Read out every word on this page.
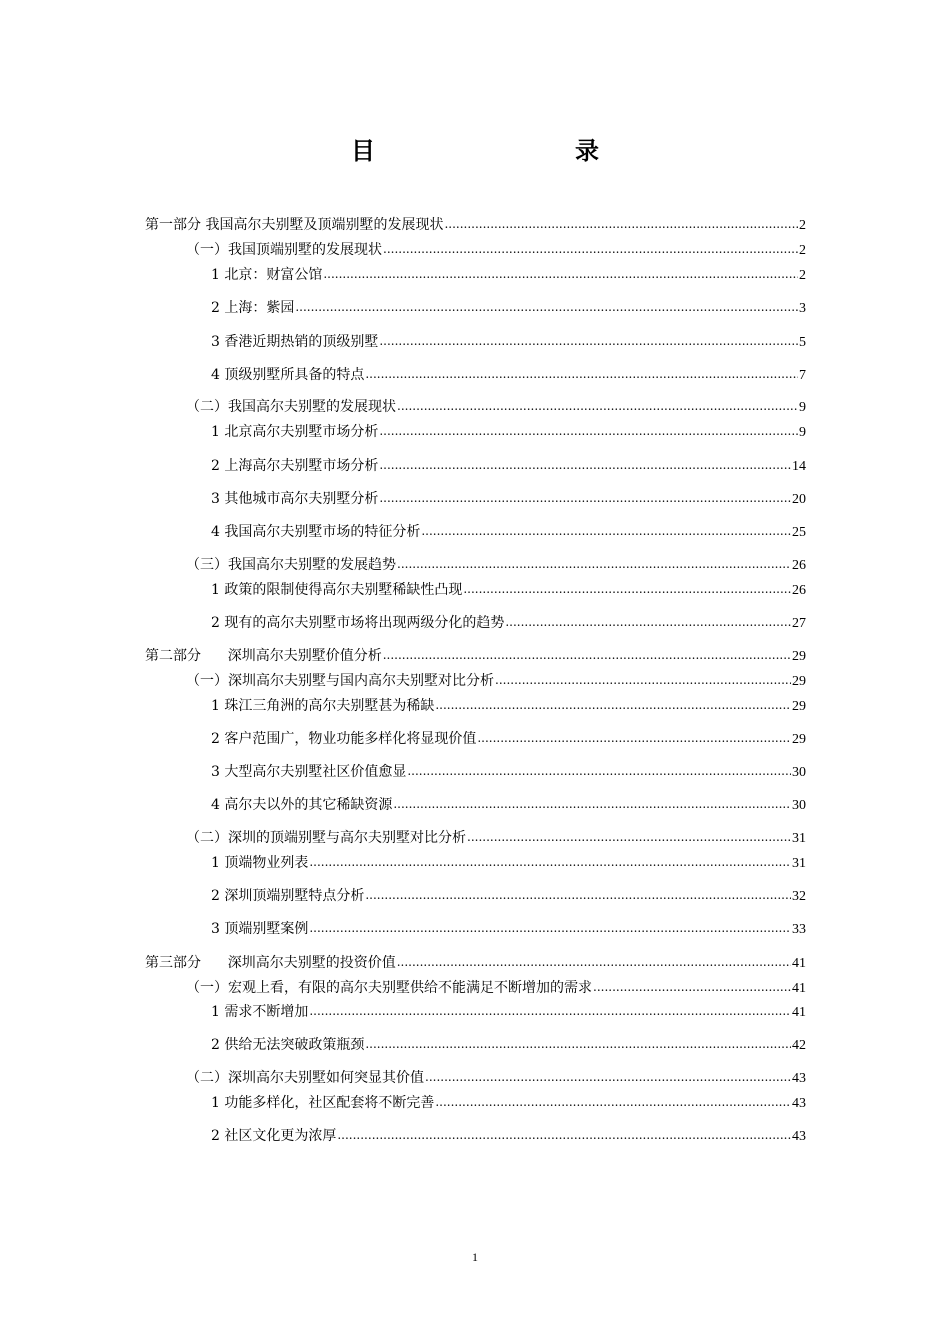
目　录
第一部分 我国高尔夫别墅及顶端别墅的发展现状 .....	2
（一）我国顶端别墅的发展现状 .....	2
1 北京：财富公馆 .....	2
2 上海：紫园 .....	3
3 香港近期热销的顶级别墅 .....	5
4 顶级别墅所具备的特点 .....	7
（二）我国高尔夫别墅的发展现状 .....	9
1 北京高尔夫别墅市场分析 .....	9
2 上海高尔夫别墅市场分析 .....	14
3 其他城市高尔夫别墅分析 .....	20
4 我国高尔夫别墅市场的特征分析 .....	25
（三）我国高尔夫别墅的发展趋势 .....	26
1 政策的限制使得高尔夫别墅稀缺性凸现 .....	26
2 现有的高尔夫别墅市场将出现两级分化的趋势 .....	27
第二部分      深圳高尔夫别墅价值分析 .....	29
（一）深圳高尔夫别墅与国内高尔夫别墅对比分析 .....	29
1 珠江三角洲的高尔夫别墅甚为稀缺 .....	29
2 客户范围广，物业功能多样化将显现价值 .....	29
3 大型高尔夫别墅社区价值愈显 .....	30
4 高尔夫以外的其它稀缺资源 .....	30
（二）深圳的顶端别墅与高尔夫别墅对比分析 .....	31
1 顶端物业列表 .....	31
2 深圳顶端别墅特点分析 .....	32
3 顶端别墅案例 .....	33
第三部分      深圳高尔夫别墅的投资价值 .....	41
（一）宏观上看，有限的高尔夫别墅供给不能满足不断增加的需求 .....	41
1 需求不断增加 .....	41
2 供给无法突破政策瓶颈 .....	42
（二）深圳高尔夫别墅如何突显其价值 .....	43
1 功能多样化，社区配套将不断完善 .....	43
2 社区文化更为浓厚 .....	43
1
